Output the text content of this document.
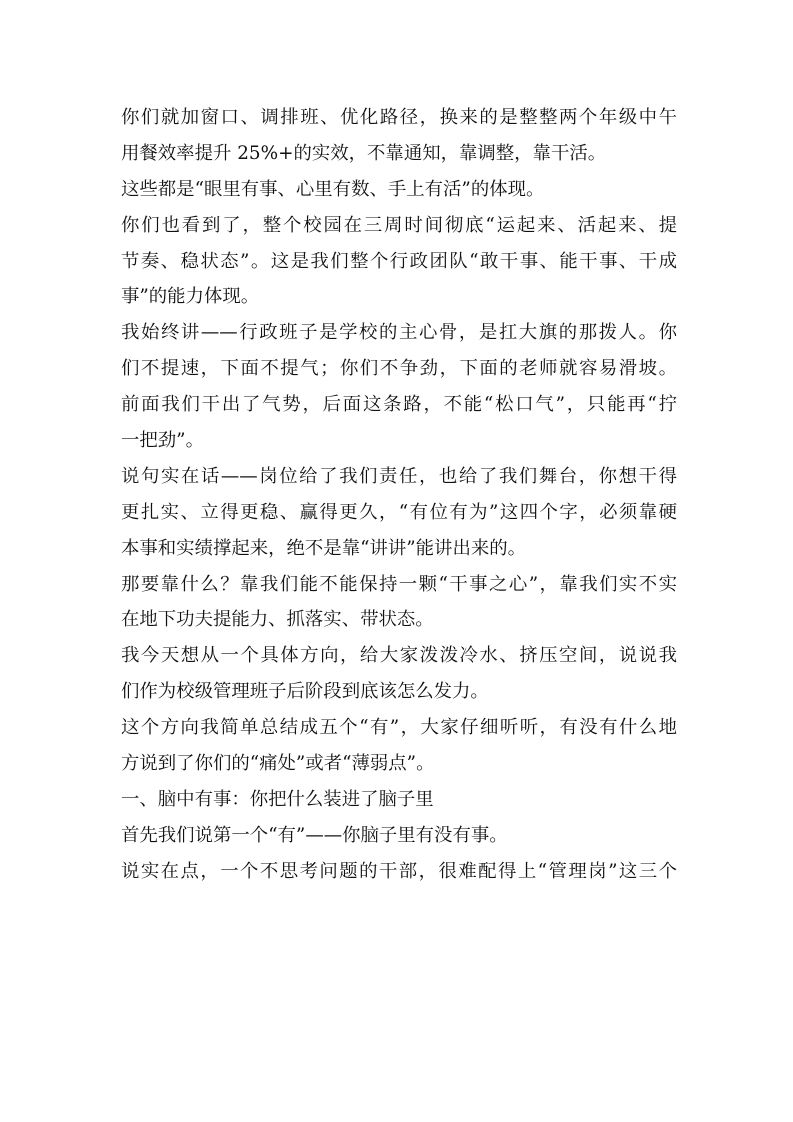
你们就加窗口、调排班、优化路径，换来的是整整两个年级中午
用餐效率提升 25%+的实效，不靠通知，靠调整，靠干活。
这些都是“眼里有事、心里有数、手上有活”的体现。
你们也看到了，整个校园在三周时间彻底“运起来、活起来、提
节奏、稳状态”。这是我们整个行政团队“敢干事、能干事、干成
事”的能力体现。
我始终讲——行政班子是学校的主心骨，是扛大旗的那拨人。你
们不提速，下面不提气；你们不争劲，下面的老师就容易滑坡。
前面我们干出了气势，后面这条路，不能“松口气”，只能再“拧
一把劲”。
说句实在话——岗位给了我们责任，也给了我们舞台，你想干得
更扎实、立得更稳、赢得更久，“有位有为”这四个字，必须靠硬
本事和实绩撑起来，绝不是靠“讲讲”能讲出来的。
那要靠什么？靠我们能不能保持一颗“干事之心”，靠我们实不实
在地下功夫提能力、抓落实、带状态。
我今天想从一个具体方向，给大家泼泼冷水、挤压空间，说说我
们作为校级管理班子后阶段到底该怎么发力。
这个方向我简单总结成五个“有”，大家仔细听听，有没有什么地
方说到了你们的“痛处”或者“薄弱点”。
一、脑中有事：你把什么装进了脑子里
首先我们说第一个“有”——你脑子里有没有事。
说实在点，一个不思考问题的干部，很难配得上“管理岗”这三个
